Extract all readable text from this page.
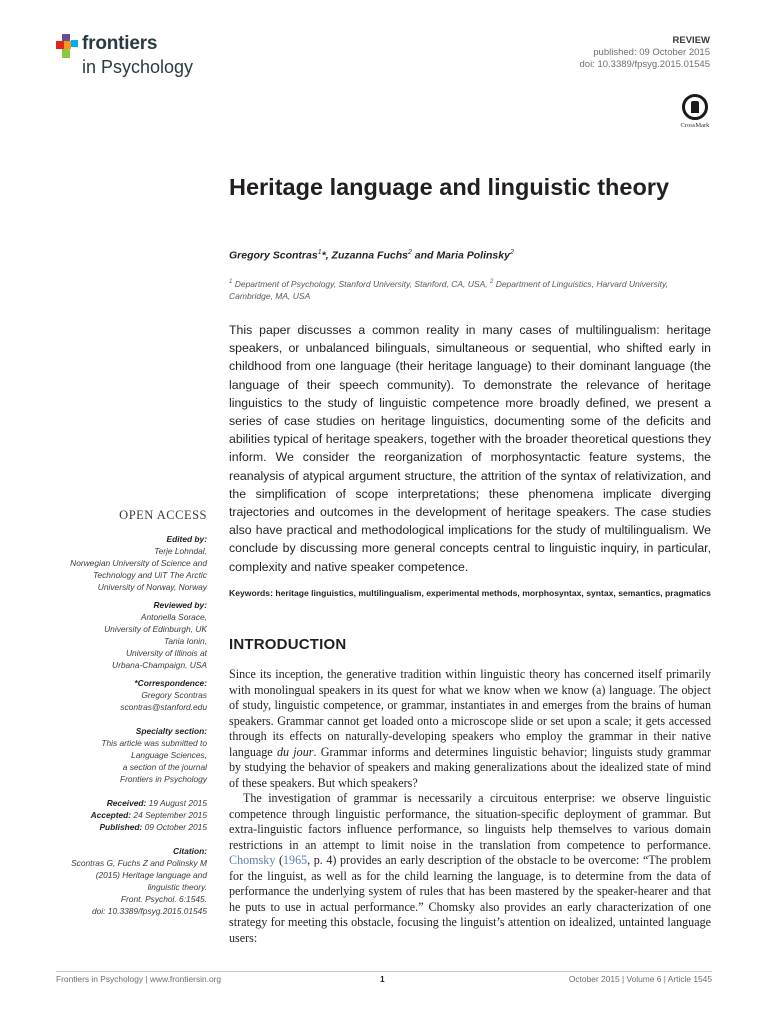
frontiers
in Psychology
REVIEW
published: 09 October 2015
doi: 10.3389/fpsyg.2015.01545
CrossMark
Heritage language and linguistic theory
Gregory Scontras$^1$*, Zuzanna Fuchs$^2$ and Maria Polinsky$^2$
$^1$ Department of Psychology, Stanford University, Stanford, CA, USA, $^2$ Department of Linguistics, Harvard University, Cambridge, MA, USA

This paper discusses a common reality in many cases of multilingualism: heritage speakers, or unbalanced bilinguals, simultaneous or sequential, who shifted early in childhood from one language (their heritage language) to their dominant language (the language of their speech community). To demonstrate the relevance of heritage linguistics to the study of linguistic competence more broadly defined, we present a series of case studies on heritage linguistics, documenting some of the deficits and abilities typical of heritage speakers, together with the broader theoretical questions they inform. We consider the reorganization of morphosyntactic feature systems, the reanalysis of atypical argument structure, the attrition of the syntax of relativization, and the simplification of scope interpretations; these phenomena implicate diverging trajectories and outcomes in the development of heritage speakers. The case studies also have practical and methodological implications for the study of multilingualism. We conclude by discussing more general concepts central to linguistic inquiry, in particular, complexity and native speaker competence.

Keywords: heritage linguistics, multilingualism, experimental methods, morphosyntax, syntax, semantics, pragmatics

INTRODUCTION

Since its inception, the generative tradition within linguistic theory has concerned itself primarily with monolingual speakers in its quest for what we know when we know (a) language. The object of study, linguistic competence, or grammar, instantiates in and emerges from the brains of human speakers. Grammar cannot get loaded onto a microscope slide or set upon a scale; it gets accessed through its effects on naturally-developing speakers who employ the grammar in their native language du jour. Grammar informs and determines linguistic behavior; linguists study grammar by studying the behavior of speakers and making generalizations about the idealized state of mind of these speakers. But which speakers?

The investigation of grammar is necessarily a circuitous enterprise: we observe linguistic competence through linguistic performance, the situation-specific deployment of grammar. But extra-linguistic factors influence performance, so linguists help themselves to various domain restrictions in an attempt to limit noise in the translation from competence to performance. Chomsky (1965, p. 4) provides an early description of the obstacle to be overcome: “The problem for the linguist, as well as for the child learning the language, is to determine from the data of performance the underlying system of rules that has been mastered by the speaker-hearer and that he puts to use in actual performance.” Chomsky also provides an early characterization of one strategy for meeting this obstacle, focusing the linguist’s attention on idealized, untainted language users:

OPEN ACCESS
Edited by:
Terje Lohndal,
Norwegian University of Science and
Technology and UiT The Arctic
University of Norway, Norway
Reviewed by:
Antonella Sorace,
University of Edinburgh, UK
Tania Ionin,
University of Illinois at
Urbana-Champaign, USA
*Correspondence:
Gregory Scontras
scontras@stanford.edu
Specialty section:
This article was submitted to
Language Sciences,
a section of the journal
Frontiers in Psychology
Received: 19 August 2015
Accepted: 24 September 2015
Published: 09 October 2015
Citation:
Scontras G, Fuchs Z and Polinsky M
(2015) Heritage language and
linguistic theory.
Front. Psychol. 6:1545.
doi: 10.3389/fpsyg.2015.01545
Frontiers in Psychology | www.frontiersin.org	1	October 2015 | Volume 6 | Article 1545
